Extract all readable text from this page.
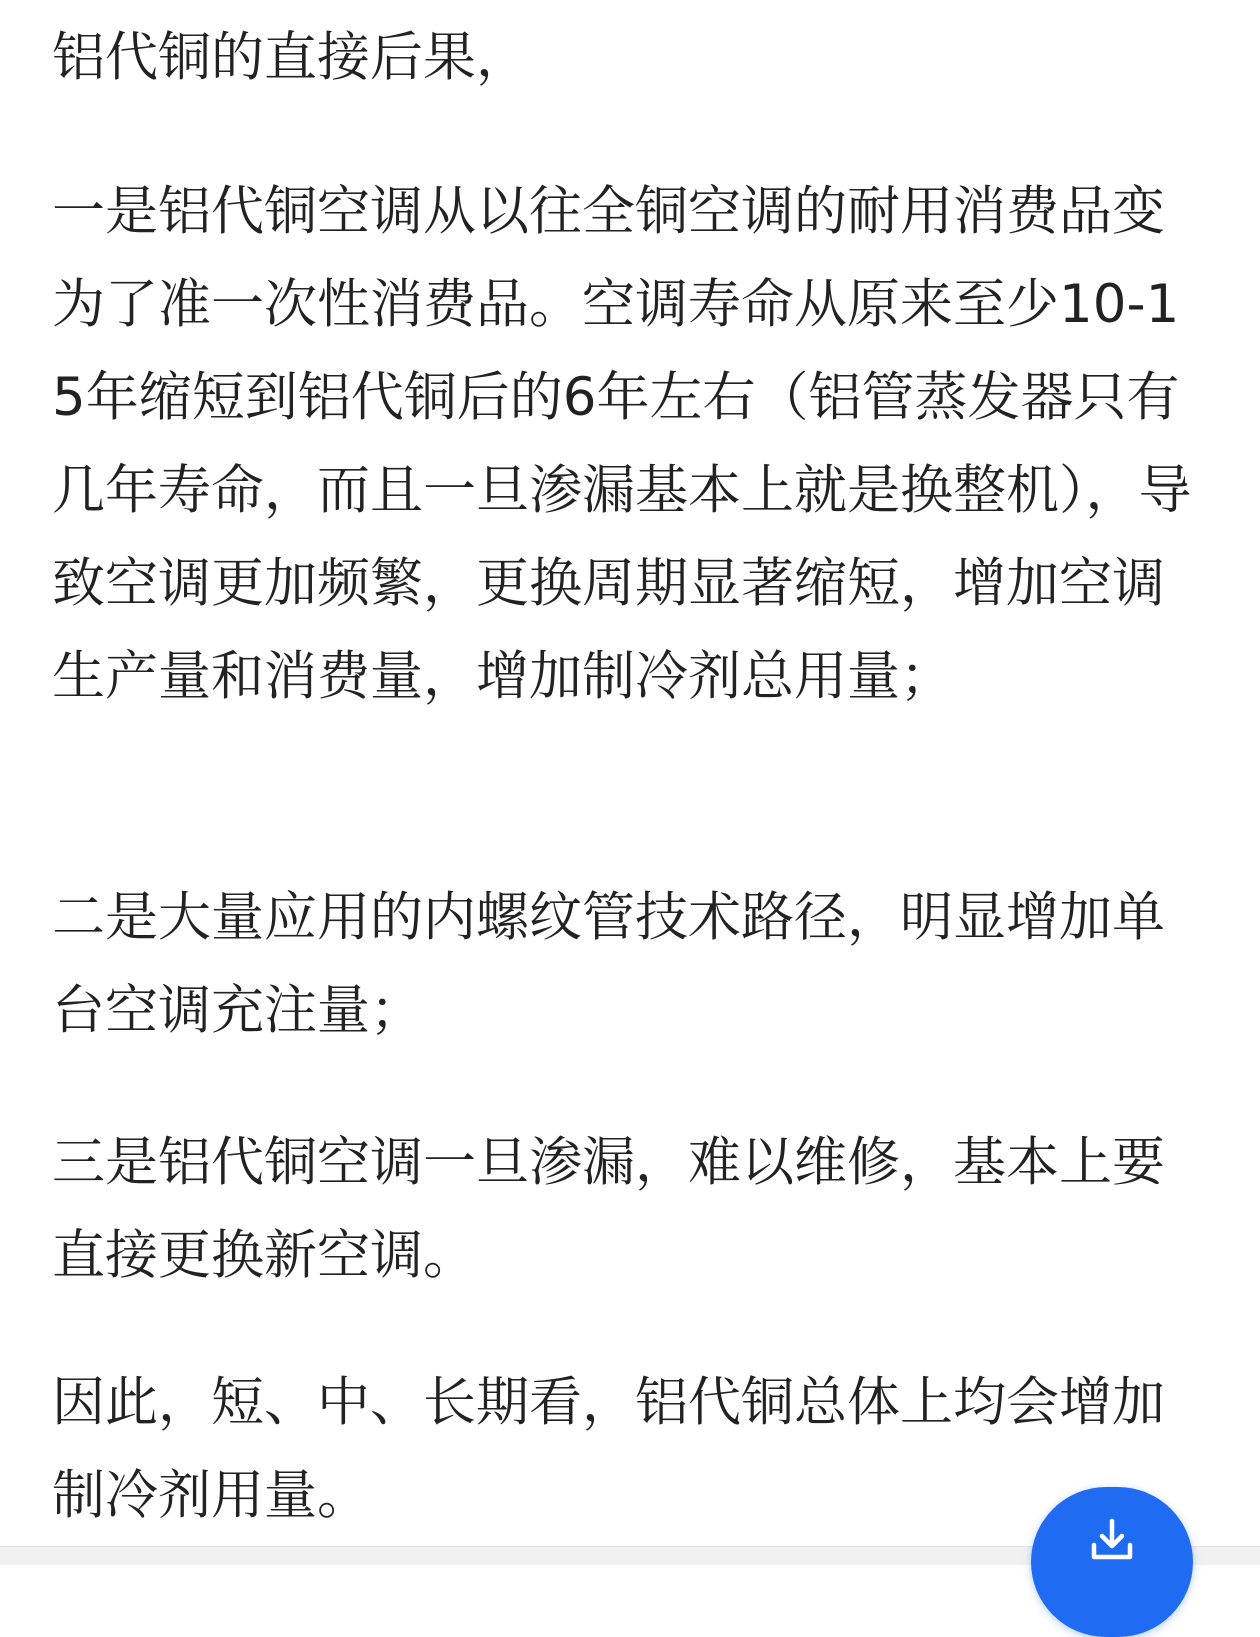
铝代铜的直接后果，

一是铝代铜空调从以往全铜空调的耐用消费品变为了准一次性消费品。空调寿命从原来至少10-15年缩短到铝代铜后的6年左右（铝管蒸发器只有几年寿命，而且一旦渗漏基本上就是换整机），导致空调更加频繁，更换周期显著缩短，增加空调生产量和消费量，增加制冷剂总用量；

二是大量应用的内螺纹管技术路径，明显增加单台空调充注量；

三是铝代铜空调一旦渗漏，难以维修，基本上要直接更换新空调。

因此，短、中、长期看，铝代铜总体上均会增加制冷剂用量。
